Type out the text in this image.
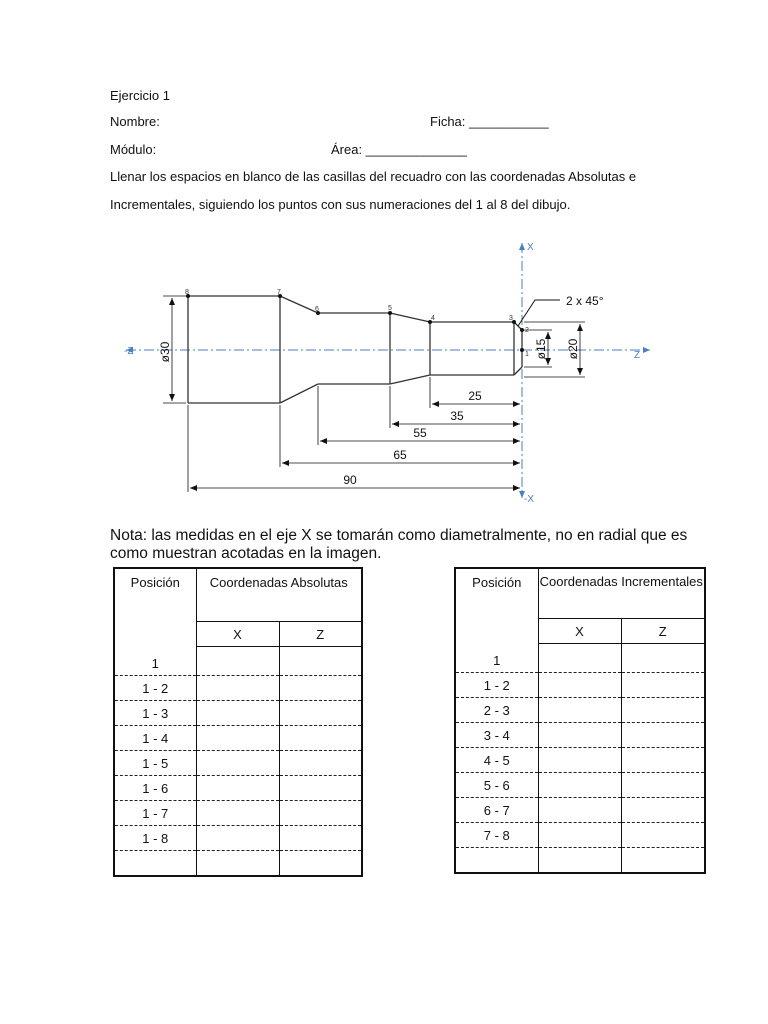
Ejercicio 1
Nombre:	Ficha: ___________
Módulo:	Área: ______________
Llenar los espacios en blanco de las casillas del recuadro con las coordenadas Absolutas e
Incrementales, siguiendo los puntos con sus numeraciones del 1 al 8 del dibujo.
X
-X
Z
-Z	1
2
3
4
5
6
7
8
2 x 45°
ø30	ø15 ø20
25
35
55
65
90
Nota: las medidas en el eje X se tomarán como diametralmente, no en radial que es como muestran acotadas en la imagen.
Posición	Coordenadas Absolutas	
	X	Z

1		
1 - 2		
1 - 3		
1 - 4		
1 - 5		
1 - 6		
1 - 7		
1 - 8		

Posición	Coordenadas Incrementales	
	X	Z

1		
1 - 2		
2 - 3		
3 - 4		
4 - 5		
5 - 6		
6 - 7		
7 - 8		
